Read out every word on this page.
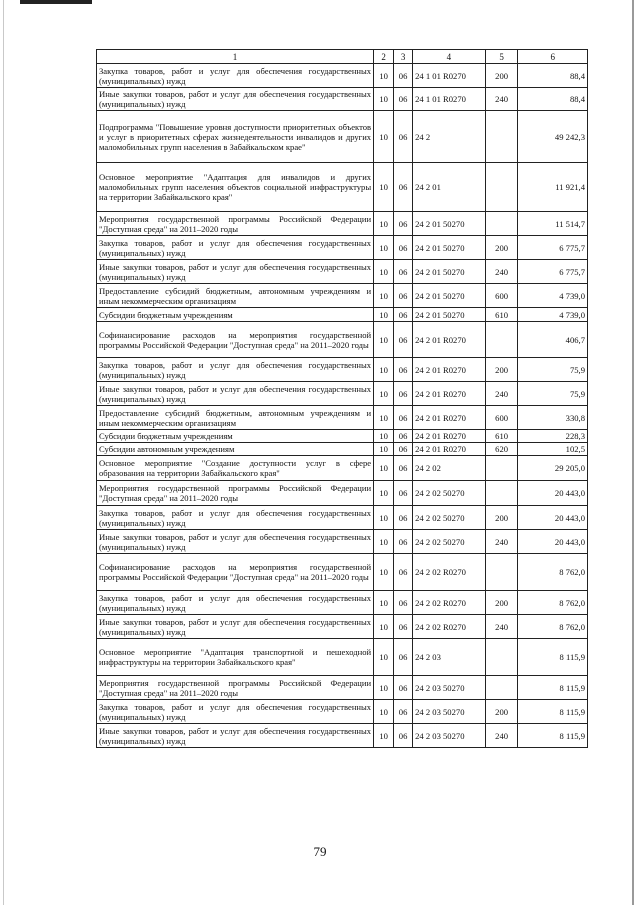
1	2	3	4	5	6
Закупка товаров, работ и услуг для обеспечения государственных (муниципальных) нужд	10	06	24 1 01 R0270	200	88,4
Иные закупки товаров, работ и услуг для обеспечения государственных (муниципальных) нужд	10	06	24 1 01 R0270	240	88,4
Подпрограмма "Повышение уровня доступности приоритетных объектов и услуг в приоритетных сферах жизнедеятельности инвалидов и других маломобильных групп населения в Забайкальском крае"	10	06	24 2		49 242,3
Основное мероприятие "Адаптация для инвалидов и других маломобильных групп населения объектов социальной инфраструктуры на территории Забайкальского края"	10	06	24 2 01		11 921,4
Мероприятия государственной программы Российской Федерации "Доступная среда" на 2011–2020 годы	10	06	24 2 01 50270		11 514,7
Закупка товаров, работ и услуг для обеспечения государственных (муниципальных) нужд	10	06	24 2 01 50270	200	6 775,7
Иные закупки товаров, работ и услуг для обеспечения государственных (муниципальных) нужд	10	06	24 2 01 50270	240	6 775,7
Предоставление субсидий бюджетным, автономным учреждениям и иным некоммерческим организациям	10	06	24 2 01 50270	600	4 739,0
Субсидии бюджетным учреждениям	10	06	24 2 01 50270	610	4 739,0
Софинансирование расходов на мероприятия государственной программы Российской Федерации "Доступная среда" на 2011–2020 годы	10	06	24 2 01 R0270		406,7
Закупка товаров, работ и услуг для обеспечения государственных (муниципальных) нужд	10	06	24 2 01 R0270	200	75,9
Иные закупки товаров, работ и услуг для обеспечения государственных (муниципальных) нужд	10	06	24 2 01 R0270	240	75,9
Предоставление субсидий бюджетным, автономным учреждениям и иным некоммерческим организациям	10	06	24 2 01 R0270	600	330,8
Субсидии бюджетным учреждениям	10	06	24 2 01 R0270	610	228,3
Субсидии автономным учреждениям	10	06	24 2 01 R0270	620	102,5
Основное мероприятие "Создание доступности услуг в сфере образования на территории Забайкальского края"	10	06	24 2 02		29 205,0
Мероприятия государственной программы Российской Федерации "Доступная среда" на 2011–2020 годы	10	06	24 2 02 50270		20 443,0
Закупка товаров, работ и услуг для обеспечения государственных (муниципальных) нужд	10	06	24 2 02 50270	200	20 443,0
Иные закупки товаров, работ и услуг для обеспечения государственных (муниципальных) нужд	10	06	24 2 02 50270	240	20 443,0
Софинансирование расходов на мероприятия государственной программы Российской Федерации "Доступная среда" на 2011–2020 годы	10	06	24 2 02 R0270		8 762,0
Закупка товаров, работ и услуг для обеспечения государственных (муниципальных) нужд	10	06	24 2 02 R0270	200	8 762,0
Иные закупки товаров, работ и услуг для обеспечения государственных (муниципальных) нужд	10	06	24 2 02 R0270	240	8 762,0
Основное мероприятие "Адаптация транспортной и пешеходной инфраструктуры на территории Забайкальского края"	10	06	24 2 03		8 115,9
Мероприятия государственной программы Российской Федерации "Доступная среда" на 2011–2020 годы	10	06	24 2 03 50270		8 115,9
Закупка товаров, работ и услуг для обеспечения государственных (муниципальных) нужд	10	06	24 2 03 50270	200	8 115,9
Иные закупки товаров, работ и услуг для обеспечения государственных (муниципальных) нужд	10	06	24 2 03 50270	240	8 115,9
79
